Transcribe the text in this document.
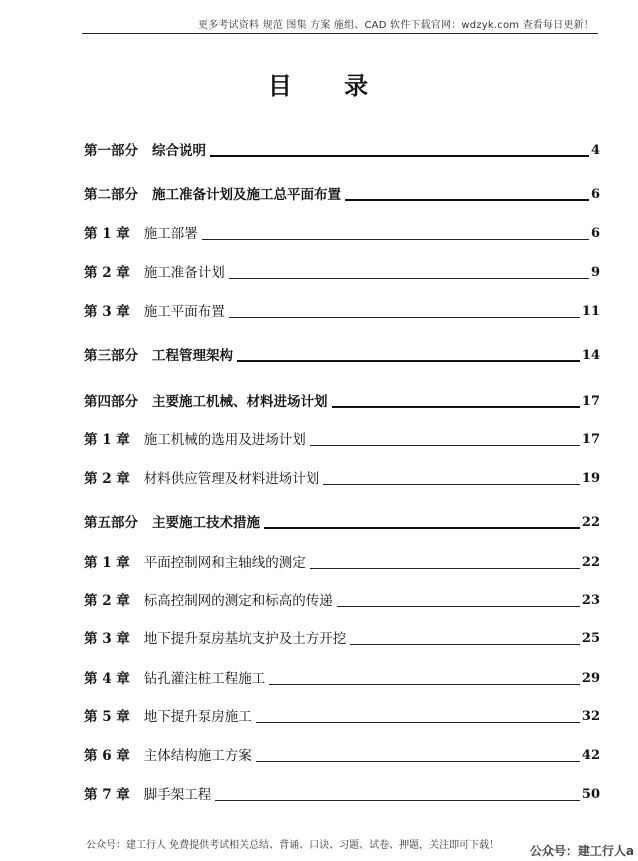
更多考试资料 规范 图集 方案 施组、CAD 软件下载官网：wdzyk.com 查看每日更新！
目 录
第一部分 综合说明	4
第二部分 施工准备计划及施工总平面布置	6
第 1 章 施工部署	6
第 2 章 施工准备计划	9
第 3 章 施工平面布置	11
第三部分 工程管理架构	14
第四部分 主要施工机械、材料进场计划	17
第 1 章 施工机械的选用及进场计划	17
第 2 章 材料供应管理及材料进场计划	19
第五部分 主要施工技术措施	22
第 1 章 平面控制网和主轴线的测定	22
第 2 章 标高控制网的测定和标高的传递	23
第 3 章 地下提升泵房基坑支护及土方开挖	25
第 4 章 钻孔灌注桩工程施工	29
第 5 章 地下提升泵房施工	32
第 6 章 主体结构施工方案	42
第 7 章 脚手架工程	50
公众号：建工行人 免费提供考试相关总结、背诵、口诀、习题、试卷、押题，关注即可下载！	公众号：建工行人a
